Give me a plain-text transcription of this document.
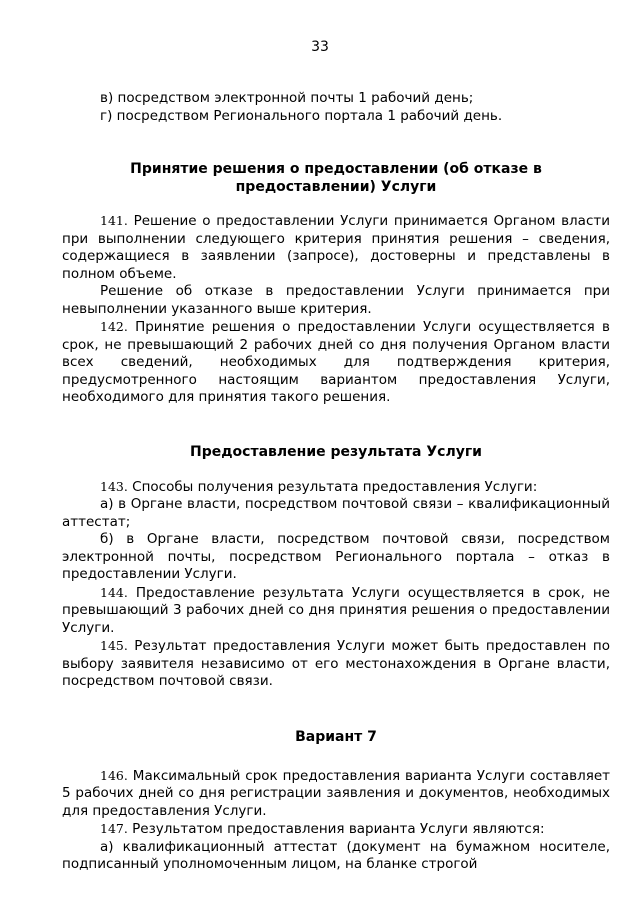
33

в) посредством электронной почты 1 рабочий день;

г) посредством Регионального портала 1 рабочий день.

Принятие решения о предоставлении (об отказе в предоставлении) Услуги

141. Решение о предоставлении Услуги принимается Органом власти при выполнении следующего критерия принятия решения – сведения, содержащиеся в заявлении (запросе), достоверны и представлены в полном объеме.

Решение об отказе в предоставлении Услуги принимается при невыполнении указанного выше критерия.

142. Принятие решения о предоставлении Услуги осуществляется в срок, не превышающий 2 рабочих дней со дня получения Органом власти всех сведений, необходимых для подтверждения критерия, предусмотренного настоящим вариантом предоставления Услуги, необходимого для принятия такого решения.

Предоставление результата Услуги

143. Способы получения результата предоставления Услуги:

а) в Органе власти, посредством почтовой связи – квалификационный аттестат;

б) в Органе власти, посредством почтовой связи, посредством электронной почты, посредством Регионального портала – отказ в предоставлении Услуги.

144. Предоставление результата Услуги осуществляется в срок, не превышающий 3 рабочих дней со дня принятия решения о предоставлении Услуги.

145. Результат предоставления Услуги может быть предоставлен по выбору заявителя независимо от его местонахождения в Органе власти, посредством почтовой связи.

Вариант 7

146. Максимальный срок предоставления варианта Услуги составляет 5 рабочих дней со дня регистрации заявления и документов, необходимых для предоставления Услуги.

147. Результатом предоставления варианта Услуги являются:

а) квалификационный аттестат (документ на бумажном носителе, подписанный уполномоченным лицом, на бланке строгой
